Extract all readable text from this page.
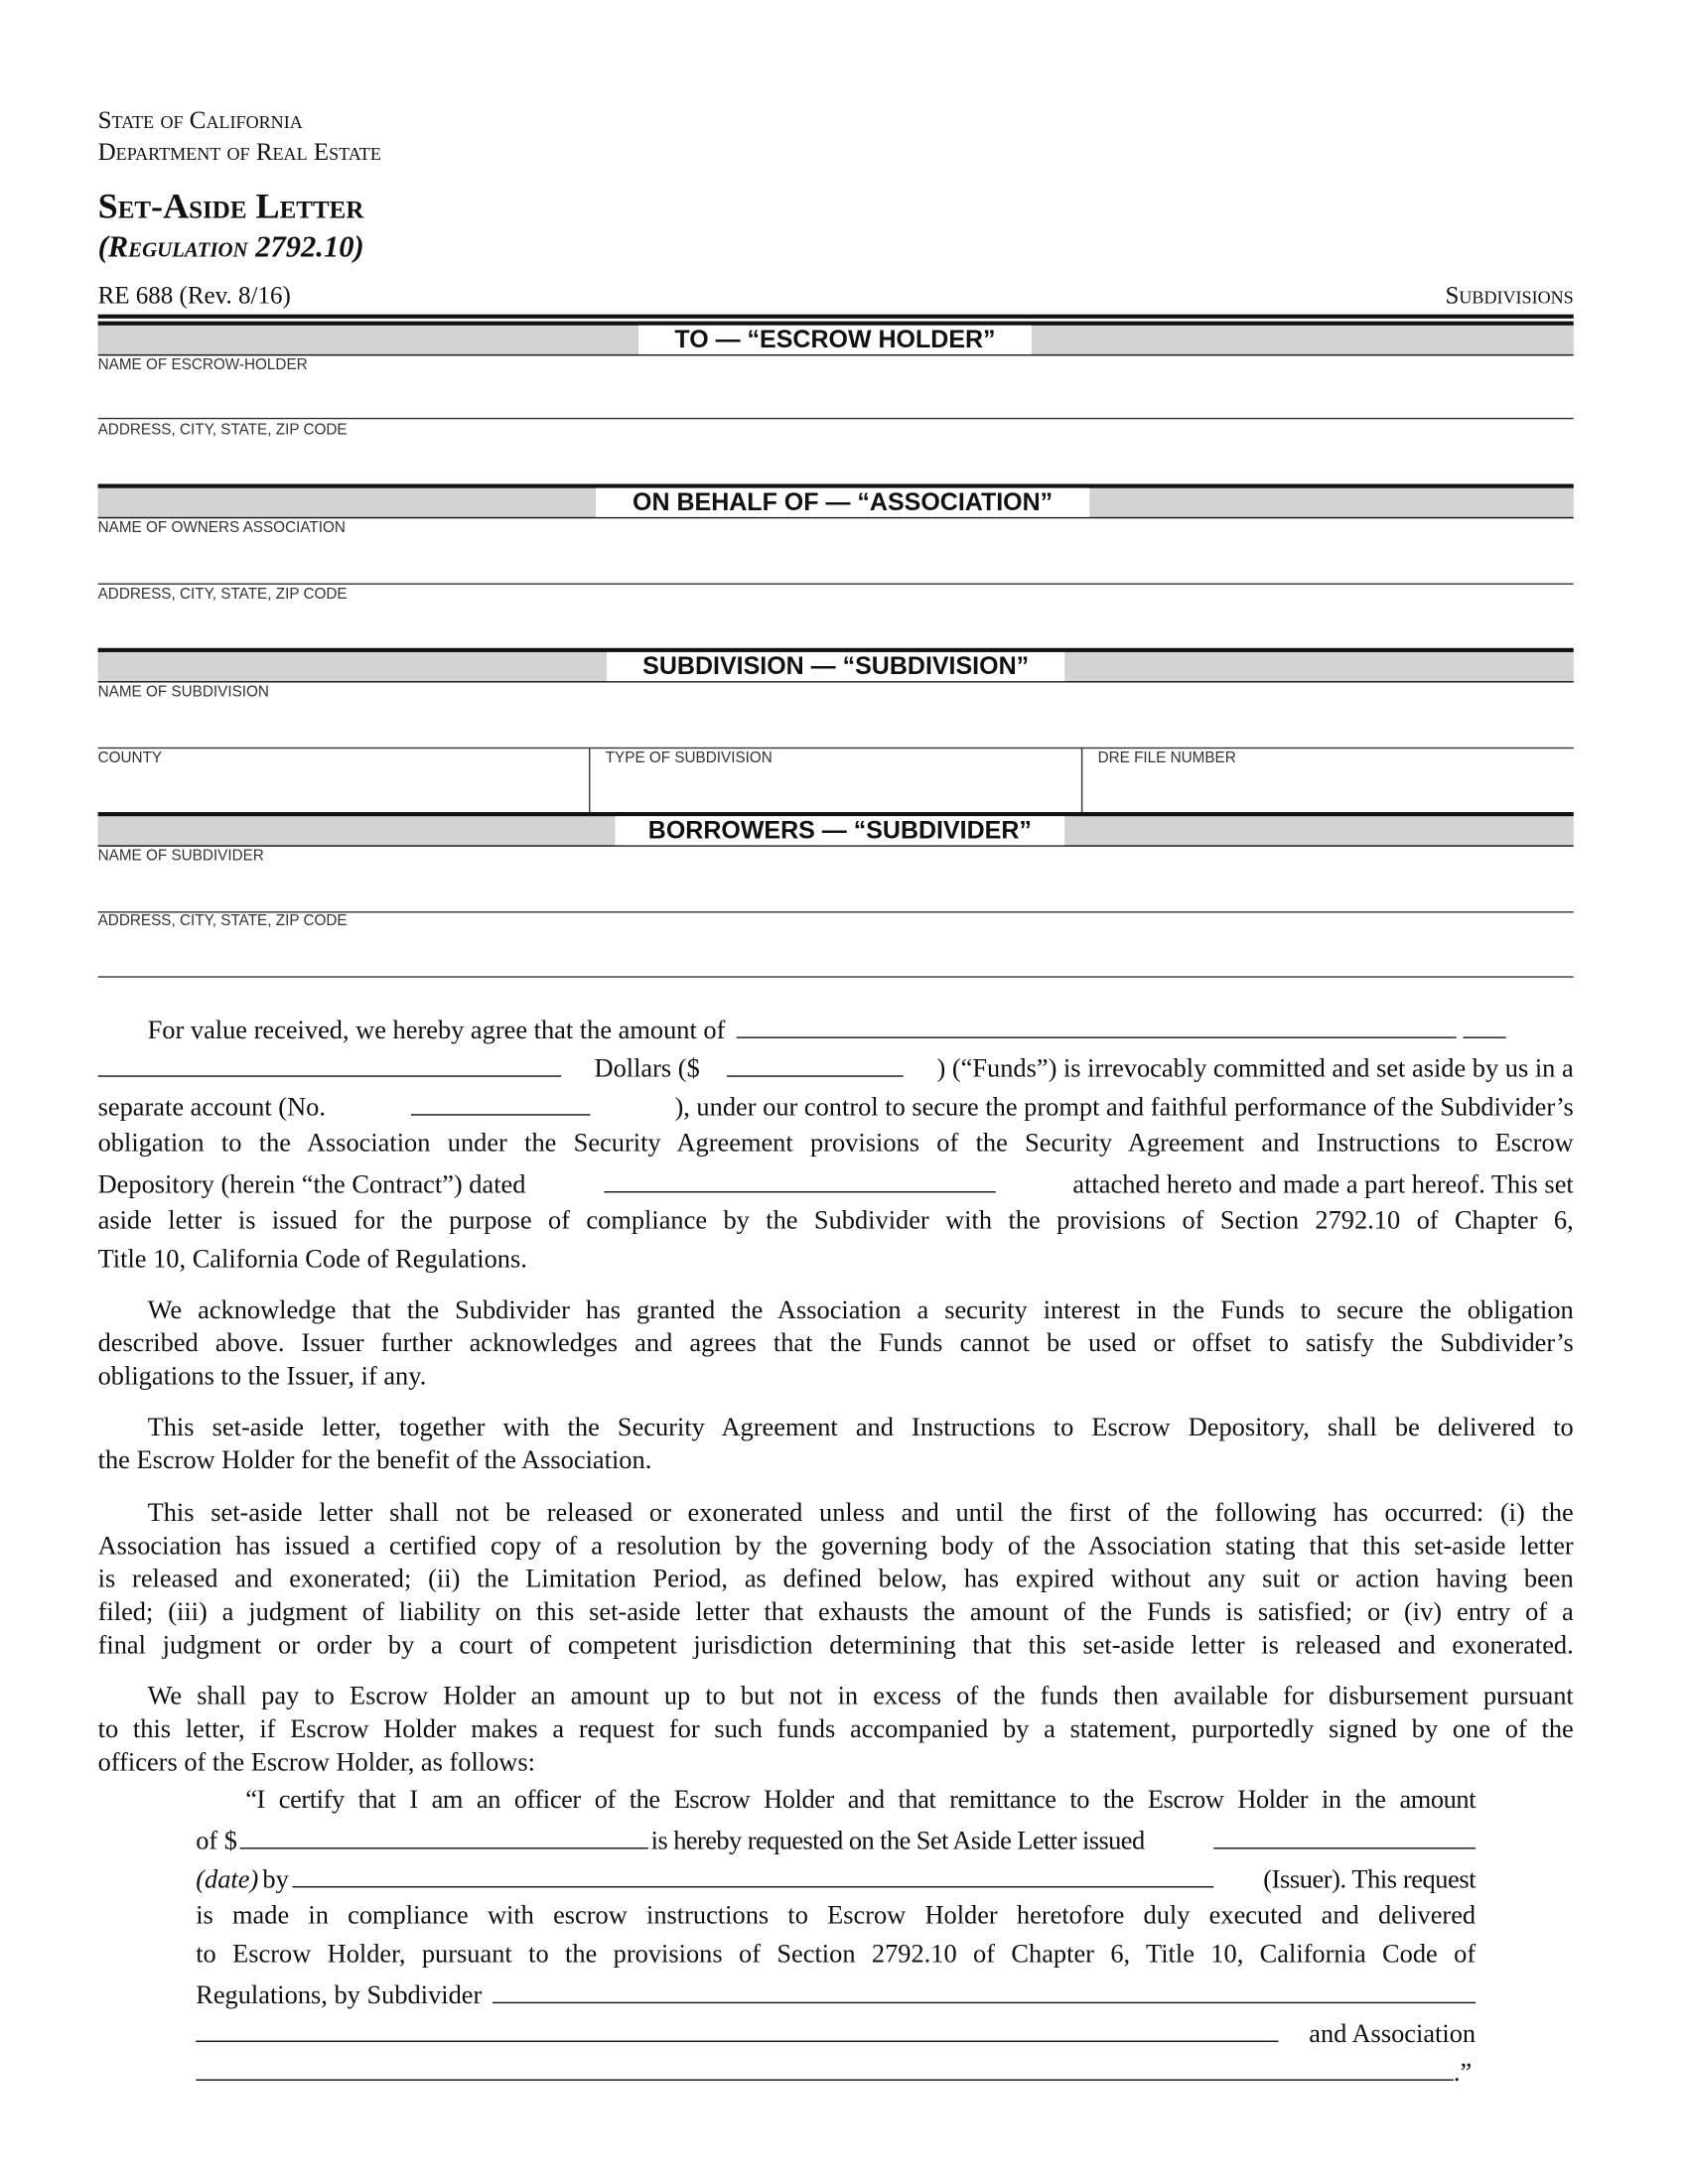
State of California
Department of Real Estate
Set-Aside Letter
(Regulation 2792.10)
RE 688 (Rev. 8/16)	Subdivisions
TO — “ESCROW HOLDER”
NAME OF ESCROW-HOLDER
ADDRESS, CITY, STATE, ZIP CODE
ON BEHALF OF — “ASSOCIATION”
NAME OF OWNERS ASSOCIATION
ADDRESS, CITY, STATE, ZIP CODE
SUBDIVISION — “SUBDIVISION”
NAME OF SUBDIVISION
COUNTY	TYPE OF SUBDIVISION	DRE FILE NUMBER
BORROWERS — “SUBDIVIDER”
NAME OF SUBDIVIDER
ADDRESS, CITY, STATE, ZIP CODE
For value received, we hereby agree that the amount of
Dollars ($	) (“Funds”) is irrevocably committed and set aside by us in a
separate account (No.	), under our control to secure the prompt and faithful performance of the Subdivider’s
obligation to the Association under the Security Agreement provisions of the Security Agreement and Instructions to Escrow
Depository (herein “the Contract”) dated	attached hereto and made a part hereof. This set
aside letter is issued for the purpose of compliance by the Subdivider with the provisions of Section 2792.10 of Chapter 6,
Title 10, California Code of Regulations.
We acknowledge that the Subdivider has granted the Association a security interest in the Funds to secure the obligation
described above. Issuer further acknowledges and agrees that the Funds cannot be used or offset to satisfy the Subdivider’s
obligations to the Issuer, if any.
This set-aside letter, together with the Security Agreement and Instructions to Escrow Depository, shall be delivered to
the Escrow Holder for the benefit of the Association.
This set-aside letter shall not be released or exonerated unless and until the first of the following has occurred: (i) the
Association has issued a certified copy of a resolution by the governing body of the Association stating that this set-aside letter
is released and exonerated; (ii) the Limitation Period, as defined below, has expired without any suit or action having been
filed; (iii) a judgment of liability on this set-aside letter that exhausts the amount of the Funds is satisfied; or (iv) entry of a
final judgment or order by a court of competent jurisdiction determining that this set-aside letter is released and exonerated.
We shall pay to Escrow Holder an amount up to but not in excess of the funds then available for disbursement pursuant
to this letter, if Escrow Holder makes a request for such funds accompanied by a statement, purportedly signed by one of the
officers of the Escrow Holder, as follows:
“I certify that I am an officer of the Escrow Holder and that remittance to the Escrow Holder in the amount
of $	is hereby requested on the Set Aside Letter issued
(date) by	(Issuer). This request
is made in compliance with escrow instructions to Escrow Holder heretofore duly executed and delivered
to Escrow Holder, pursuant to the provisions of Section 2792.10 of Chapter 6, Title 10, California Code of
Regulations, by Subdivider
and Association
.”
